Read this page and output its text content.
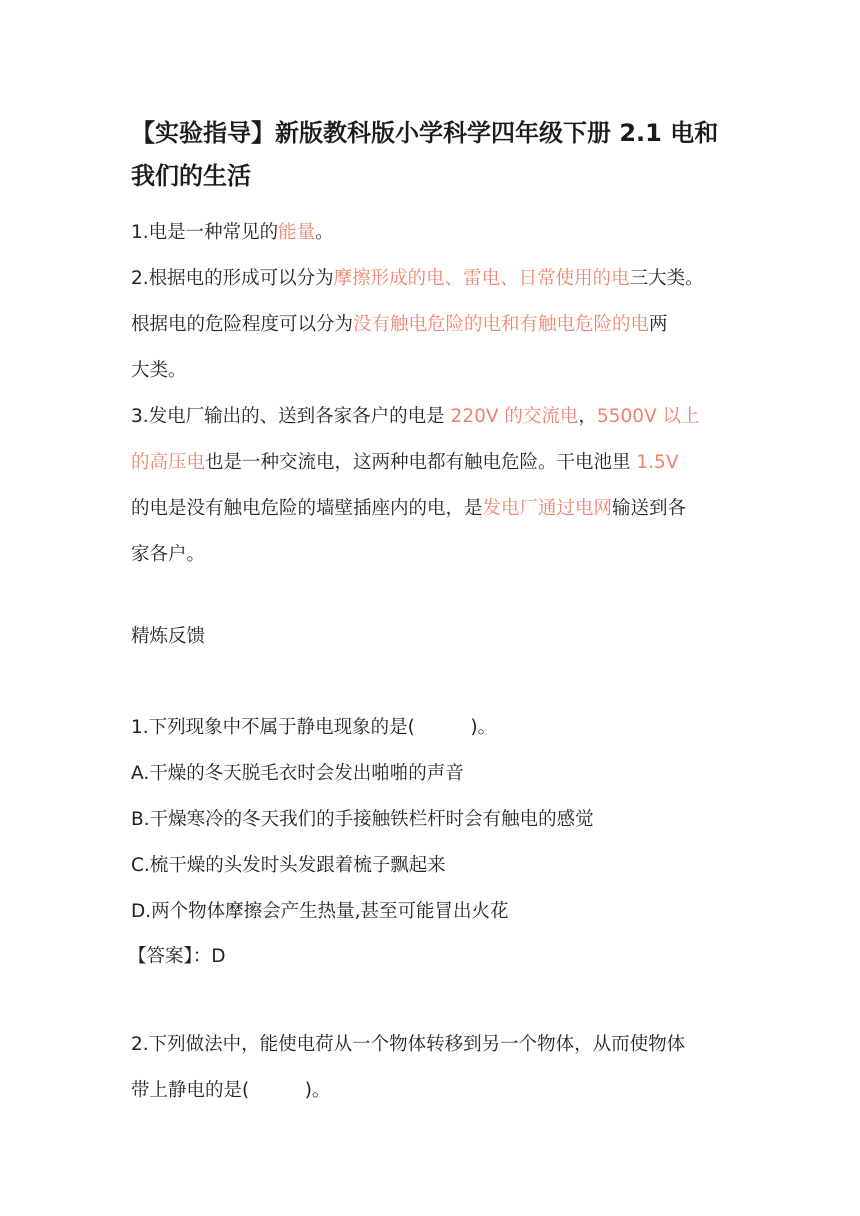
【实验指导】新版教科版小学科学四年级下册 2.1 电和
我们的生活

1.电是一种常见的能量。

2.根据电的形成可以分为摩擦形成的电、雷电、日常使用的电三大类。
根据电的危险程度可以分为没有触电危险的电和有触电危险的电两
大类。

3.发电厂输出的、送到各家各户的电是 220V 的交流电，5500V 以上
的高压电也是一种交流电，这两种电都有触电危险。干电池里 1.5V
的电是没有触电危险的墙壁插座内的电，是发电厂通过电网输送到各
家各户。

精炼反馈

1.下列现象中不属于静电现象的是(　　　)。

A.干燥的冬天脱毛衣时会发出啪啪的声音

B.干燥寒冷的冬天我们的手接触铁栏杆时会有触电的感觉

C.梳干燥的头发时头发跟着梳子飘起来

D.两个物体摩擦会产生热量,甚至可能冒出火花

【答案】：D

2.下列做法中，能使电荷从一个物体转移到另一个物体，从而使物体
带上静电的是(　　　)。
